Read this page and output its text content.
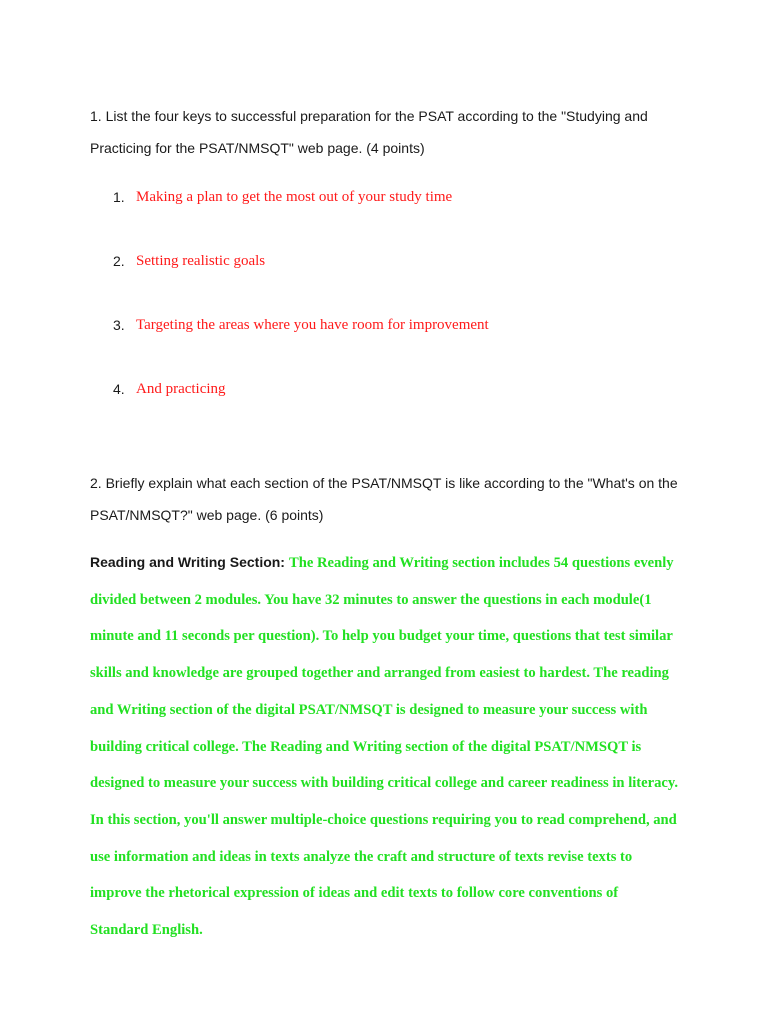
1. List the four keys to successful preparation for the PSAT according to the "Studying and Practicing for the PSAT/NMSQT" web page. (4 points)

1. Making a plan to get the most out of your study time
2. Setting realistic goals
3. Targeting the areas where you have room for improvement
4. And practicing

2. Briefly explain what each section of the PSAT/NMSQT is like according to the "What's on the PSAT/NMSQT?" web page. (6 points)

Reading and Writing Section: The Reading and Writing section includes 54 questions evenly divided between 2 modules. You have 32 minutes to answer the questions in each module(1 minute and 11 seconds per question). To help you budget your time, questions that test similar skills and knowledge are grouped together and arranged from easiest to hardest. The reading and Writing section of the digital PSAT/NMSQT is designed to measure your success with building critical college. The Reading and Writing section of the digital PSAT/NMSQT is designed to measure your success with building critical college and career readiness in literacy. In this section, you'll answer multiple-choice questions requiring you to read comprehend, and use information and ideas in texts analyze the craft and structure of texts revise texts to improve the rhetorical expression of ideas and edit texts to follow core conventions of Standard English.
